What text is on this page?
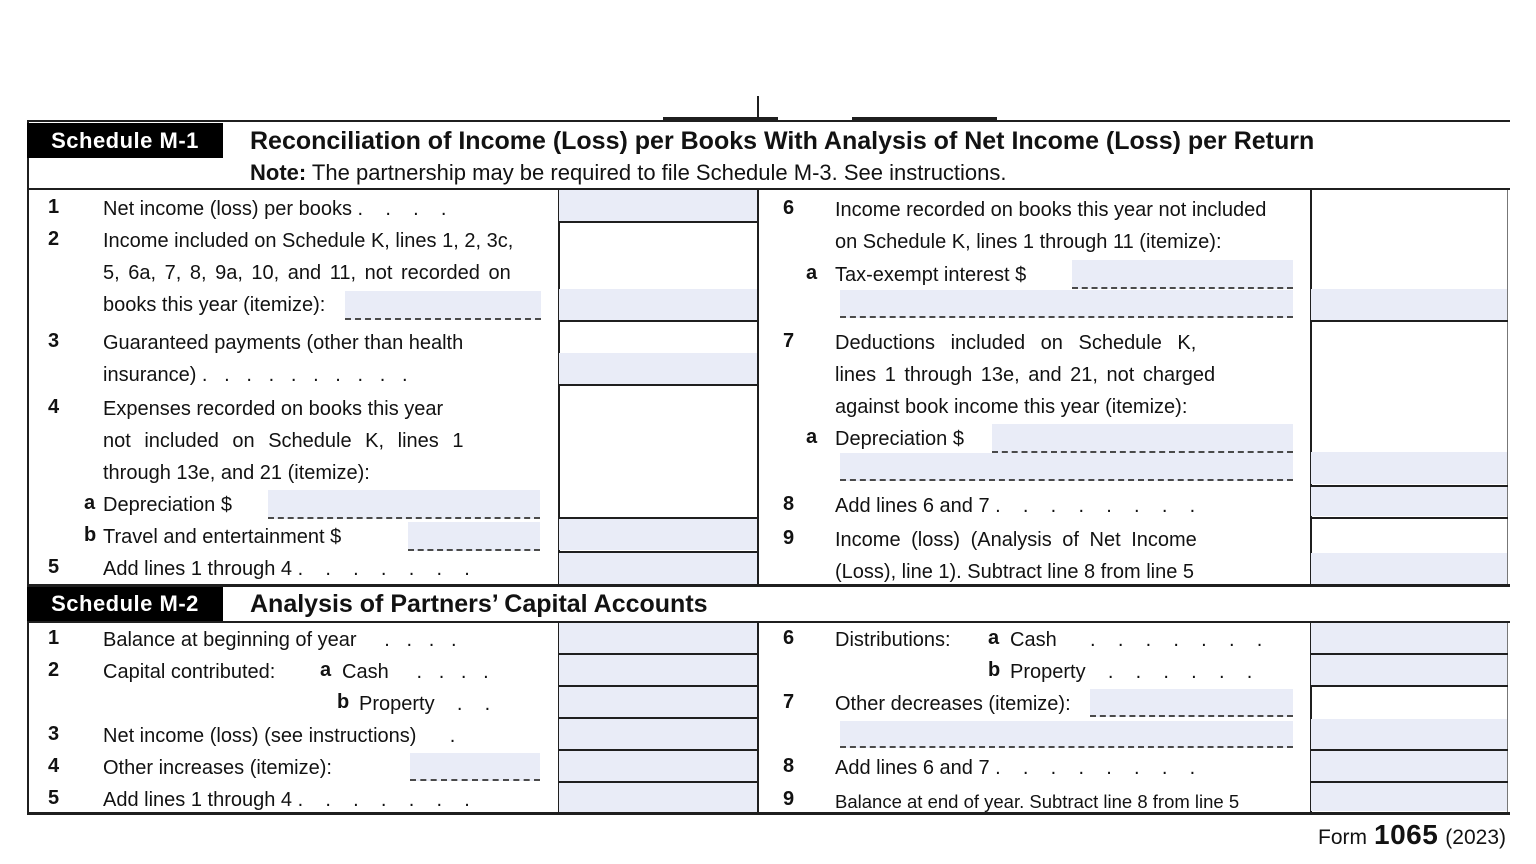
Schedule M-1 Reconciliation of Income (Loss) per Books With Analysis of Net Income (Loss) per Return
Note: The partnership may be required to file Schedule M-3. See instructions.
1 Net income (loss) per books .    .    .    .
2 Income included on Schedule K, lines 1, 2, 3c,
5, 6a, 7, 8, 9a, 10, and 11, not recorded on
books this year (itemize):
3 Guaranteed payments (other than health
insurance) .   .   .   .   .   .   .   .   .   .
4 Expenses recorded on books this year
not included on Schedule K, lines 1
through 13e, and 21 (itemize):
a Depreciation $
b Travel and entertainment $
5 Add lines 1 through 4 .    .    .    .    .    .    .
6 Income recorded on books this year not included
on Schedule K, lines 1 through 11 (itemize):
a Tax-exempt interest $
7 Deductions included on Schedule K,
lines 1 through 13e, and 21, not charged
against book income this year (itemize):
a Depreciation $
8 Add lines 6 and 7 .    .    .    .    .    .    .    .
9 Income (loss) (Analysis of Net Income
(Loss), line 1). Subtract line 8 from line 5
Schedule M-2 Analysis of Partners’ Capital Accounts
1 Balance at beginning of year     .   .   .   .
2 Capital contributed: a Cash     .   .   .   .
b Property    .    .
3 Net income (loss) (see instructions)      .
4 Other increases (itemize):
5 Add lines 1 through 4 .    .    .    .    .    .    .
6 Distributions: a Cash      .    .    .    .    .    .    .
b Property    .    .    .    .    .    .
7 Other decreases (itemize):
8 Add lines 6 and 7 .    .    .    .    .    .    .    .
9 Balance at end of year. Subtract line 8 from line 5
Form 1065 (2023)
